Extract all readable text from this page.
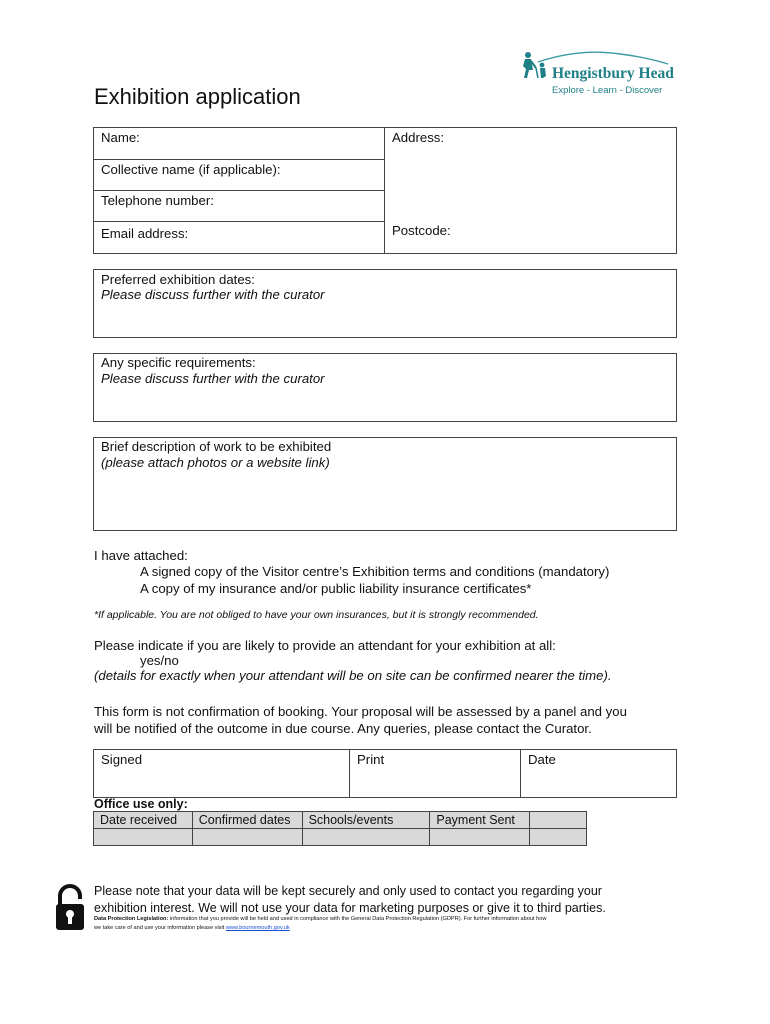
Hengistbury Head
Explore - Learn - Discover
Exhibition application
Name:
Collective name (if applicable):
Telephone number:
Email address:
Address:
Postcode:
Preferred exhibition dates:
Please discuss further with the curator
Any specific requirements:
Please discuss further with the curator
Brief description of work to be exhibited
(please attach photos or a website link)
I have attached:
A signed copy of the Visitor centre’s Exhibition terms and conditions (mandatory)
A copy of my insurance and/or public liability insurance certificates*
*If applicable. You are not obliged to have your own insurances, but it is strongly recommended.
Please indicate if you are likely to provide an attendant for your exhibition at all:
yes/no
(details for exactly when your attendant will be on site can be confirmed nearer the time).
This form is not confirmation of booking. Your proposal will be assessed by a panel and you
will be notified of the outcome in due course. Any queries, please contact the Curator.
Signed	Print	Date
Office use only:
Date received	Confirmed dates	Schools/events	Payment Sent	

Please note that your data will be kept securely and only used to contact you regarding your
exhibition interest. We will not use your data for marketing purposes or give it to third parties.
Data Protection Legislation: information that you provide will be held and used in compliance with the General Data Protection Regulation (GDPR). For further information about how
we take care of and use your information please visit www.bournemouth.gov.uk
